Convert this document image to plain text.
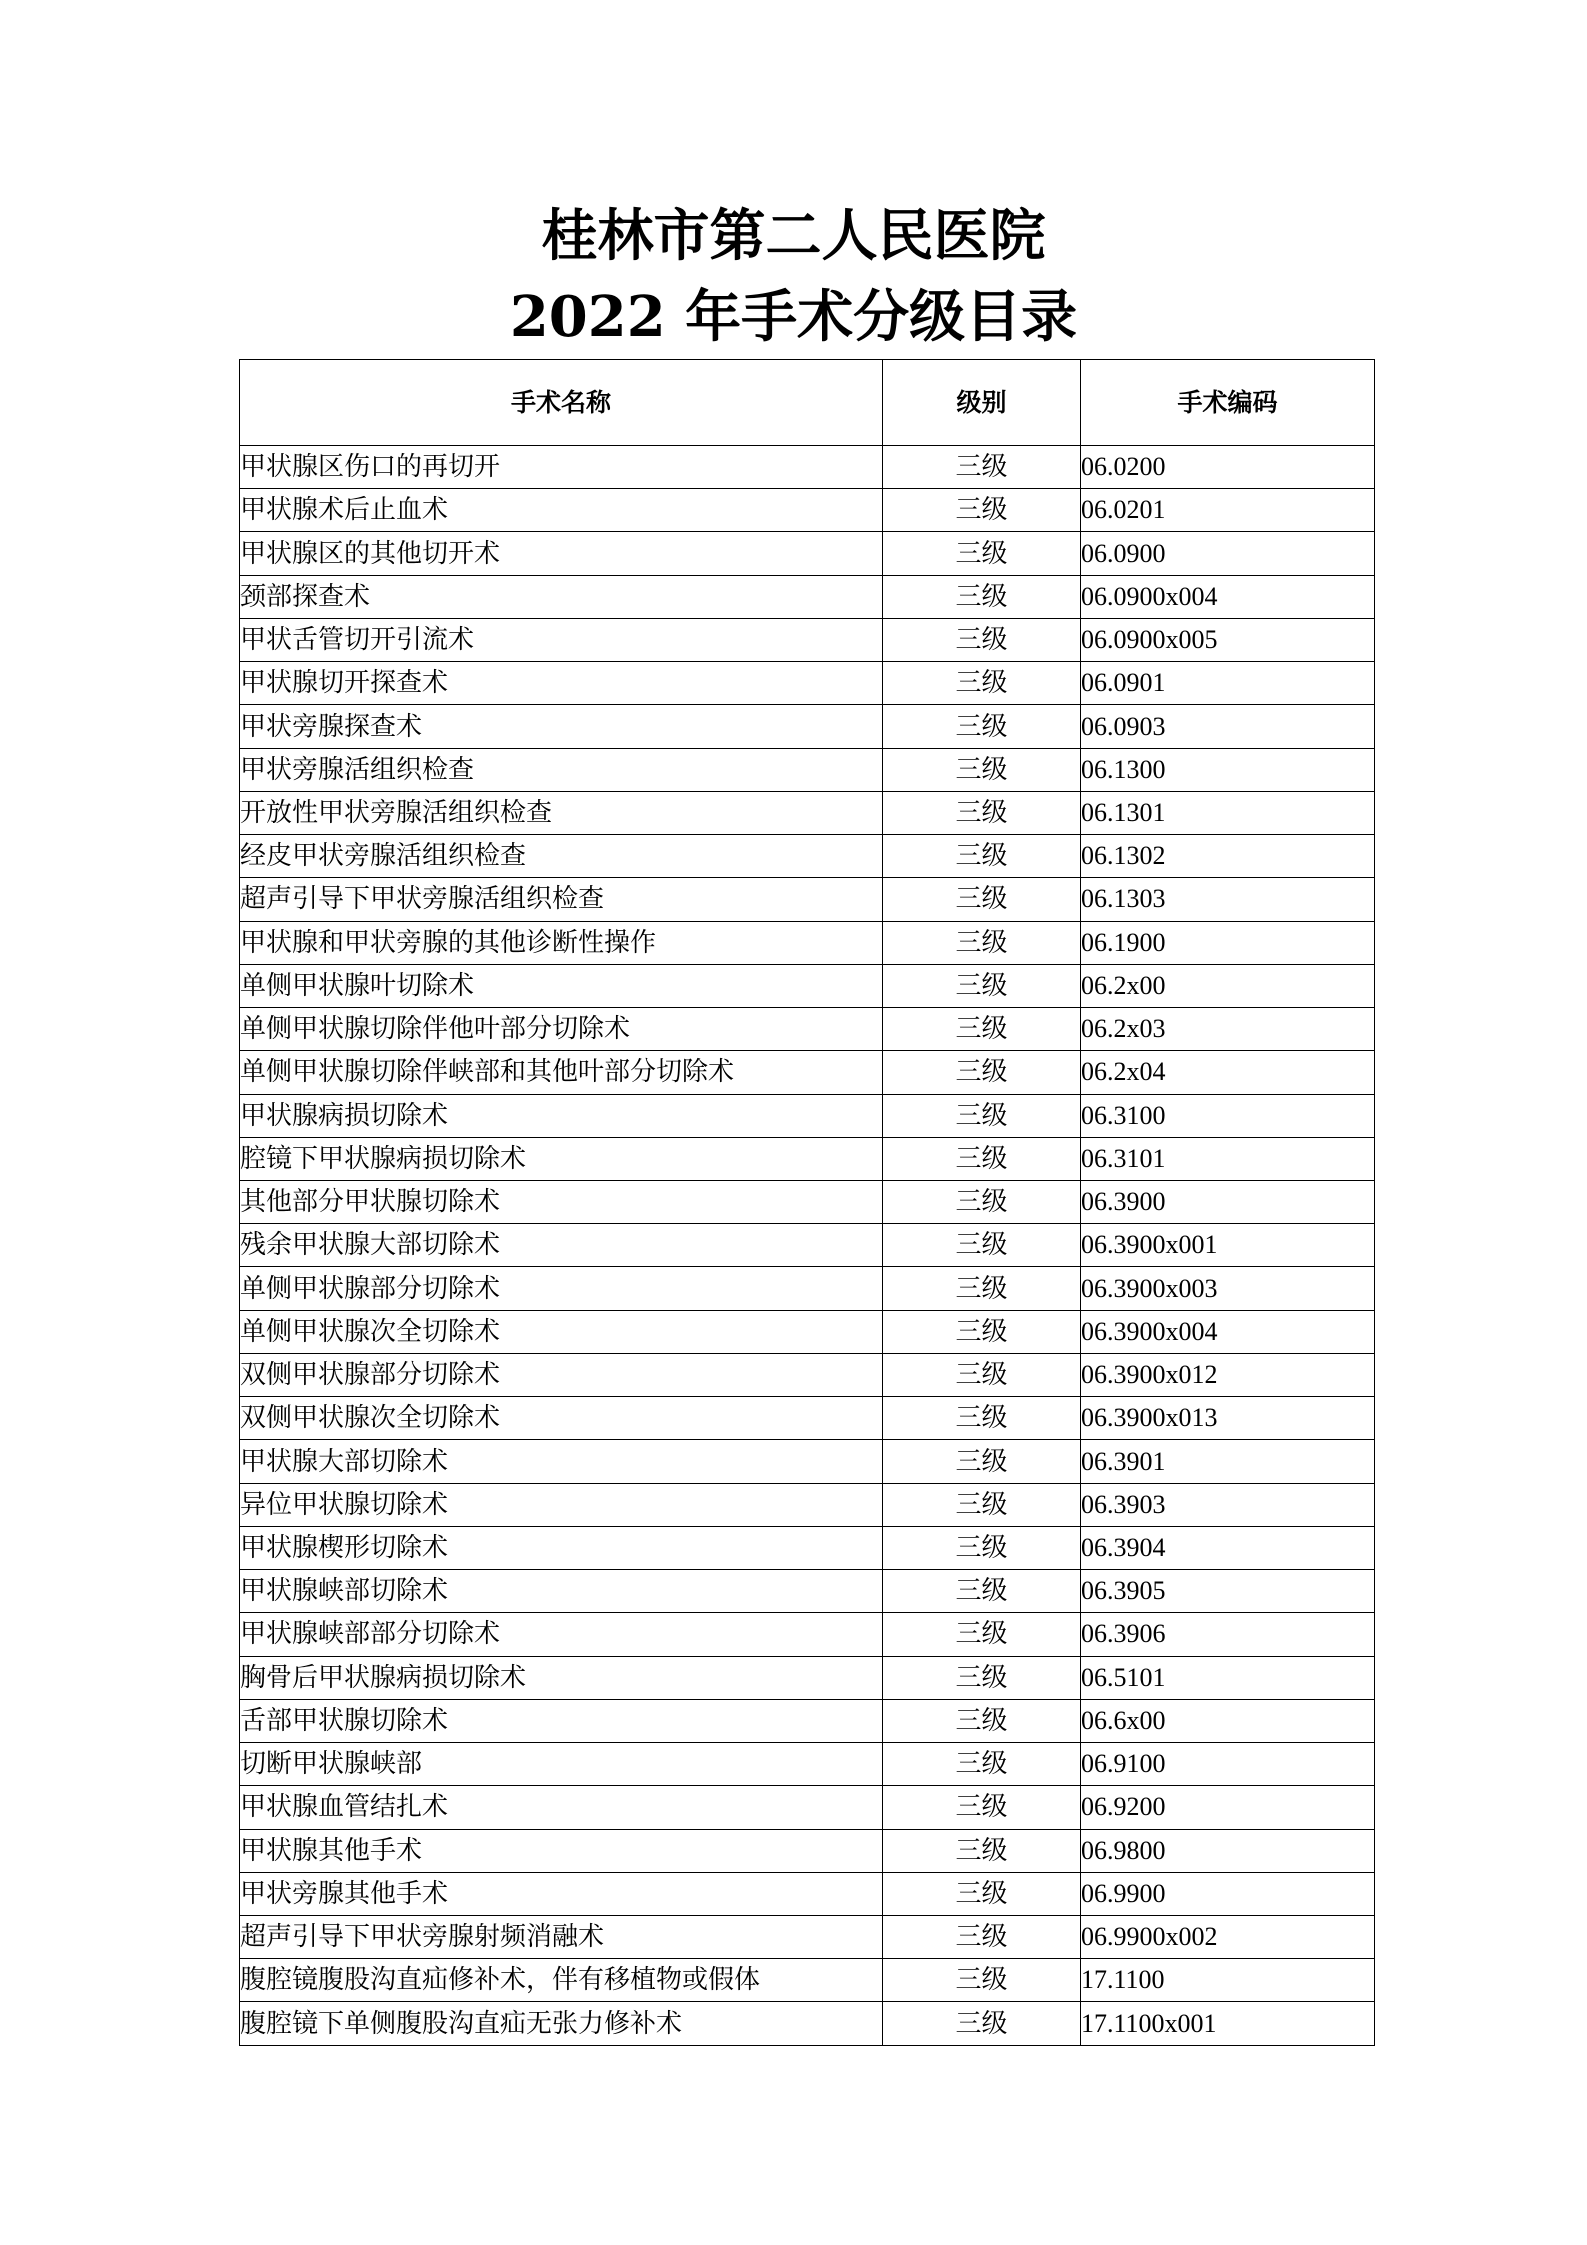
桂林市第二人民医院
2022 年手术分级目录
手术名称	级别	手术编码
甲状腺区伤口的再切开	三级	06.0200
甲状腺术后止血术	三级	06.0201
甲状腺区的其他切开术	三级	06.0900
颈部探查术	三级	06.0900x004
甲状舌管切开引流术	三级	06.0900x005
甲状腺切开探查术	三级	06.0901
甲状旁腺探查术	三级	06.0903
甲状旁腺活组织检查	三级	06.1300
开放性甲状旁腺活组织检查	三级	06.1301
经皮甲状旁腺活组织检查	三级	06.1302
超声引导下甲状旁腺活组织检查	三级	06.1303
甲状腺和甲状旁腺的其他诊断性操作	三级	06.1900
单侧甲状腺叶切除术	三级	06.2x00
单侧甲状腺切除伴他叶部分切除术	三级	06.2x03
单侧甲状腺切除伴峡部和其他叶部分切除术	三级	06.2x04
甲状腺病损切除术	三级	06.3100
腔镜下甲状腺病损切除术	三级	06.3101
其他部分甲状腺切除术	三级	06.3900
残余甲状腺大部切除术	三级	06.3900x001
单侧甲状腺部分切除术	三级	06.3900x003
单侧甲状腺次全切除术	三级	06.3900x004
双侧甲状腺部分切除术	三级	06.3900x012
双侧甲状腺次全切除术	三级	06.3900x013
甲状腺大部切除术	三级	06.3901
异位甲状腺切除术	三级	06.3903
甲状腺楔形切除术	三级	06.3904
甲状腺峡部切除术	三级	06.3905
甲状腺峡部部分切除术	三级	06.3906
胸骨后甲状腺病损切除术	三级	06.5101
舌部甲状腺切除术	三级	06.6x00
切断甲状腺峡部	三级	06.9100
甲状腺血管结扎术	三级	06.9200
甲状腺其他手术	三级	06.9800
甲状旁腺其他手术	三级	06.9900
超声引导下甲状旁腺射频消融术	三级	06.9900x002
腹腔镜腹股沟直疝修补术，伴有移植物或假体	三级	17.1100
腹腔镜下单侧腹股沟直疝无张力修补术	三级	17.1100x001
